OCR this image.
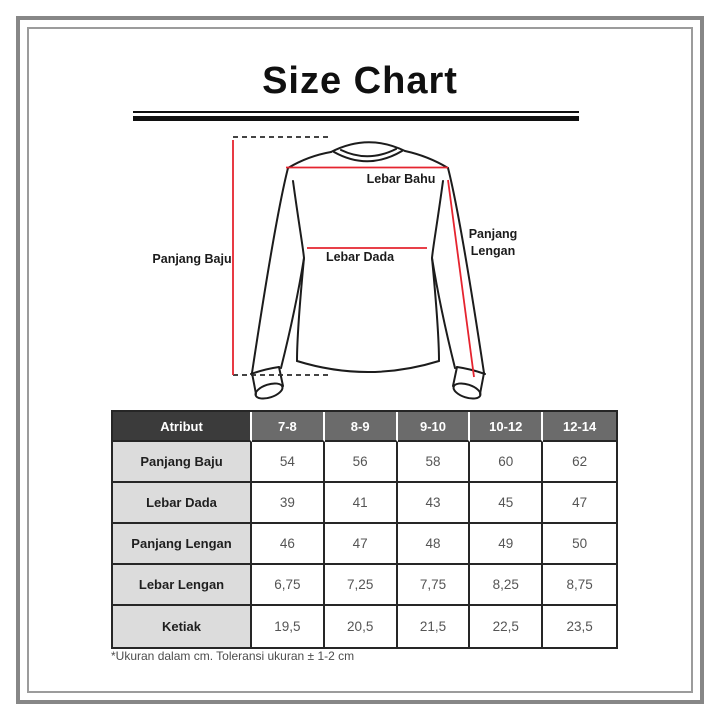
Size Chart
Panjang Baju
Lebar Bahu
Lebar Dada
Panjang
Lengan
Atribut	7-8	8-9	9-10	10-12	12-14
Panjang Baju	54	56	58	60	62
Lebar Dada	39	41	43	45	47
Panjang Lengan	46	47	48	49	50
Lebar Lengan	6,75	7,25	7,75	8,25	8,75
Ketiak	19,5	20,5	21,5	22,5	23,5
*Ukuran dalam cm. Toleransi ukuran ± 1-2 cm
